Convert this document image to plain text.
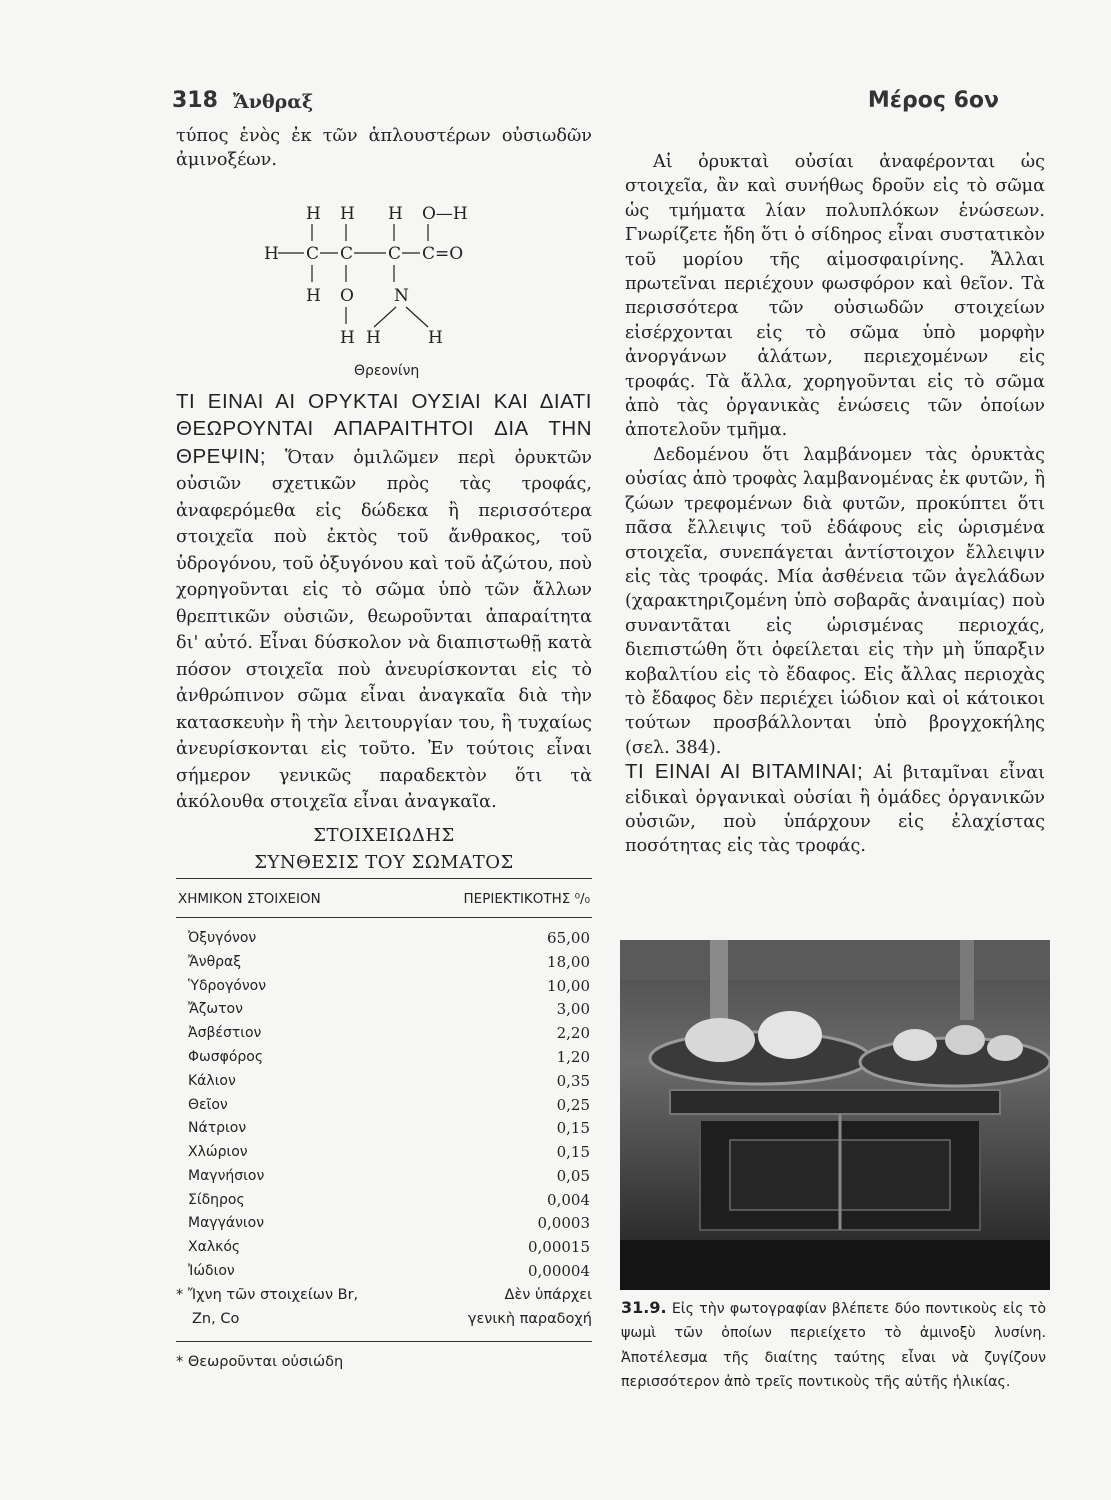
318 Ἄνθραξ	Μέρος 6ον

τύπος ἑνὸς ἐκ τῶν ἁπλουστέρων οὐσιωδῶν ἀμινοξέων.

H H H O—H
H C C C C=O
H O N
H H	H
Θρεονίνη

ΤΙ ΕΙΝΑΙ ΑΙ ΟΡΥΚΤΑΙ ΟΥΣΙΑΙ ΚΑΙ ΔΙΑΤΙ ΘΕΩΡΟΥΝΤΑΙ ΑΠΑΡΑΙΤΗΤΟΙ ΔΙΑ ΤΗΝ ΘΡΕΨΙΝ; Ὅταν ὁμιλῶμεν περὶ ὀρυκτῶν οὐσιῶν σχετικῶν πρὸς τὰς τροφάς, ἀναφερόμεθα εἰς δώδεκα ἢ περισσότερα στοιχεῖα ποὺ ἐκτὸς τοῦ ἄνθρακος, τοῦ ὑδρογόνου, τοῦ ὀξυγόνου καὶ τοῦ ἀζώτου, ποὺ χορηγοῦνται εἰς τὸ σῶμα ὑπὸ τῶν ἄλλων θρεπτικῶν οὐσιῶν, θεωροῦνται ἀπαραίτητα δι' αὐτό. Εἶναι δύσκολον νὰ διαπιστωθῇ κατὰ πόσον στοιχεῖα ποὺ ἀνευρίσκονται εἰς τὸ ἀνθρώπινον σῶμα εἶναι ἀναγκαῖα διὰ τὴν κατασκευὴν ἢ τὴν λειτουργίαν του, ἢ τυχαίως ἀνευρίσκονται εἰς τοῦτο. Ἐν τούτοις εἶναι σήμερον γενικῶς παραδεκτὸν ὅτι τὰ ἀκόλουθα στοιχεῖα εἶναι ἀναγκαῖα.

ΣΤΟΙΧΕΙΩΔΗΣ
ΣΥΝΘΕΣΙΣ ΤΟΥ ΣΩΜΑΤΟΣ
ΧΗΜΙΚΟΝ ΣΤΟΙΧΕΙΟΝ	ΠΕΡΙΕΚΤΙΚΟΤΗΣ ⁰/₀
Ὀξυγόνον	65,00
Ἄνθραξ	18,00
Ὑδρογόνον	10,00
Ἄζωτον	3,00
Ἀσβέστιον	2,20
Φωσφόρος	1,20
Κάλιον	0,35
Θεῖον	0,25
Νάτριον	0,15
Χλώριον	0,15
Μαγνήσιον	0,05
Σίδηρος	0,004
Μαγγάνιον	0,0003
Χαλκός	0,00015
Ἰώδιον	0,00004
* Ἴχνη τῶν στοιχείων Br,	Δὲν ὑπάρχει
Zn, Co	γενικὴ παραδοχή
* Θεωροῦνται οὐσιώδη

Αἱ ὀρυκταὶ οὐσίαι ἀναφέρονται ὡς στοιχεῖα, ἂν καὶ συνήθως δροῦν εἰς τὸ σῶμα ὡς τμήματα λίαν πολυπλόκων ἑνώσεων. Γνωρίζετε ἤδη ὅτι ὁ σίδηρος εἶναι συστατικὸν τοῦ μορίου τῆς αἱμοσφαιρίνης. Ἄλλαι πρωτεῖναι περιέχουν φωσφόρον καὶ θεῖον. Τὰ περισσότερα τῶν οὐσιωδῶν στοιχείων εἰσέρχονται εἰς τὸ σῶμα ὑπὸ μορφὴν ἀνοργάνων ἁλάτων, περιεχομένων εἰς τροφάς. Τὰ ἄλλα, χορηγοῦνται εἰς τὸ σῶμα ἀπὸ τὰς ὀργανικὰς ἑνώσεις τῶν ὁποίων ἀποτελοῦν τμῆμα.

Δεδομένου ὅτι λαμβάνομεν τὰς ὀρυκτὰς οὐσίας ἀπὸ τροφὰς λαμβανομένας ἐκ φυτῶν, ἢ ζώων τρεφομένων διὰ φυτῶν, προκύπτει ὅτι πᾶσα ἔλλειψις τοῦ ἐδάφους εἰς ὡρισμένα στοιχεῖα, συνεπάγεται ἀντίστοιχον ἔλλειψιν εἰς τὰς τροφάς. Μία ἀσθένεια τῶν ἀγελάδων (χαρακτηριζομένη ὑπὸ σοβαρᾶς ἀναιμίας) ποὺ συναντᾶται εἰς ὡρισμένας περιοχάς, διεπιστώθη ὅτι ὀφείλεται εἰς τὴν μὴ ὕπαρξιν κοβαλτίου εἰς τὸ ἔδαφος. Εἰς ἄλλας περιοχὰς τὸ ἔδαφος δὲν περιέχει ἰώδιον καὶ οἱ κάτοικοι τούτων προσβάλλονται ὑπὸ βρογχοκήλης (σελ. 384).

ΤΙ ΕΙΝΑΙ ΑΙ ΒΙΤΑΜΙΝΑΙ; Αἱ βιταμῖναι εἶναι εἰδικαὶ ὀργανικαὶ οὐσίαι ἢ ὁμάδες ὀργανικῶν οὐσιῶν, ποὺ ὑπάρχουν εἰς ἐλαχίστας ποσότητας εἰς τὰς τροφάς.

31.9. Εἰς τὴν φωτογραφίαν βλέπετε δύο ποντικοὺς εἰς τὸ ψωμὶ τῶν ὁποίων περιείχετο τὸ ἀμινοξὺ λυσίνη. Ἀποτέλεσμα τῆς διαίτης ταύτης εἶναι νὰ ζυγίζουν περισσότερον ἀπὸ τρεῖς ποντικοὺς τῆς αὐτῆς ἡλικίας.
